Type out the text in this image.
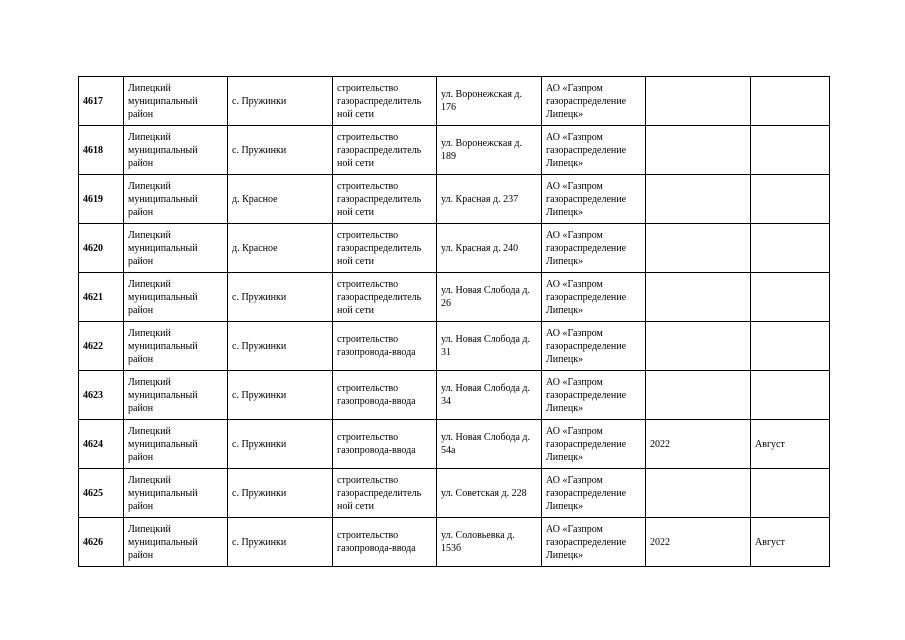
4617	Липецкий муниципальный район	с. Пружинки	строительство газораспределитель ной сети	ул. Воронежская д. 176	АО «Газпром газораспределение Липецк»		
4618	Липецкий муниципальный район	с. Пружинки	строительство газораспределитель ной сети	ул. Воронежская д. 189	АО «Газпром газораспределение Липецк»		
4619	Липецкий муниципальный район	д. Красное	строительство газораспределитель ной сети	ул. Красная д. 237	АО «Газпром газораспределение Липецк»		
4620	Липецкий муниципальный район	д. Красное	строительство газораспределитель ной сети	ул. Красная д. 240	АО «Газпром газораспределение Липецк»		
4621	Липецкий муниципальный район	с. Пружинки	строительство газораспределитель ной сети	ул. Новая Слобода д. 26	АО «Газпром газораспределение Липецк»		
4622	Липецкий муниципальный район	с. Пружинки	строительство газопровода-ввода	ул. Новая Слобода д. 31	АО «Газпром газораспределение Липецк»		
4623	Липецкий муниципальный район	с. Пружинки	строительство газопровода-ввода	ул. Новая Слобода д. 34	АО «Газпром газораспределение Липецк»		
4624	Липецкий муниципальный район	с. Пружинки	строительство газопровода-ввода	ул. Новая Слобода д. 54а	АО «Газпром газораспределение Липецк»	2022	Август
4625	Липецкий муниципальный район	с. Пружинки	строительство газораспределитель ной сети	ул. Советская д. 228	АО «Газпром газораспределение Липецк»		
4626	Липецкий муниципальный район	с. Пружинки	строительство газопровода-ввода	ул. Соловьевка д. 153б	АО «Газпром газораспределение Липецк»	2022	Август
